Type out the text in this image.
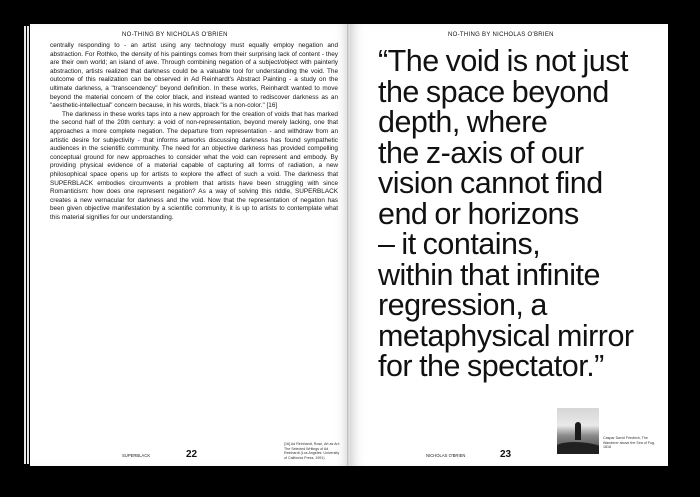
NO-THING BY NICHOLAS O'BRIEN

centrally responding to - an artist using any technology must equally employ negation and abstraction. For Rothko, the density of his paintings comes from their surprising lack of content - they are their own world; an island of awe. Through combining negation of a subject/object with painterly abstraction, artists realized that darkness could be a valuable tool for understanding the void. The outcome of this realization can be observed in Ad Reinhardt's Abstract Painting - a study on the ultimate darkness, a "transcendency" beyond definition. In these works, Reinhardt wanted to move beyond the material concern of the color black, and instead wanted to rediscover darkness as an "aesthetic-intellectual" concern because, in his words, black "is a non-color." [16]

The darkness in these works taps into a new approach for the creation of voids that has marked the second half of the 20th century: a void of non-representation, beyond merely lacking, one that approaches a more complete negation. The departure from representation - and withdraw from an artistic desire for subjectivity - that informs artworks discussing darkness has found sympathetic audiences in the scientific community. The need for an objective darkness has provided compelling conceptual ground for new approaches to consider what the void can represent and embody. By providing physical evidence of a material capable of capturing all forms of radiation, a new philosophical space opens up for artists to explore the affect of such a void. The darkness that SUPERBLACK embodies circumvents a problem that artists have been struggling with since Romanticism: how does one represent negation? As a way of solving this riddle, SUPERBLACK creates a new vernacular for darkness and the void. Now that the representation of negation has been given objective manifestation by a scientific community, it is up to artists to contemplate what this material signifies for our understanding.

SUPERBLACK	22
[16] Ad Reinhardt, Rose, Art as Art: The Selected Writings of Ad Reinhardt (Los Angeles: University of California Press, 1991)
NO-THING BY NICHOLAS O'BRIEN
“The void is not just
the space beyond
depth, where
the z-axis of our
vision cannot find
end or horizons
– it contains,
within that infinite
regression, a
metaphysical mirror
for the spectator.”
Caspar David Friedrich, The Wanderer above the Sea of Fog, 1818
NICHOLAS O'BRIEN	23
